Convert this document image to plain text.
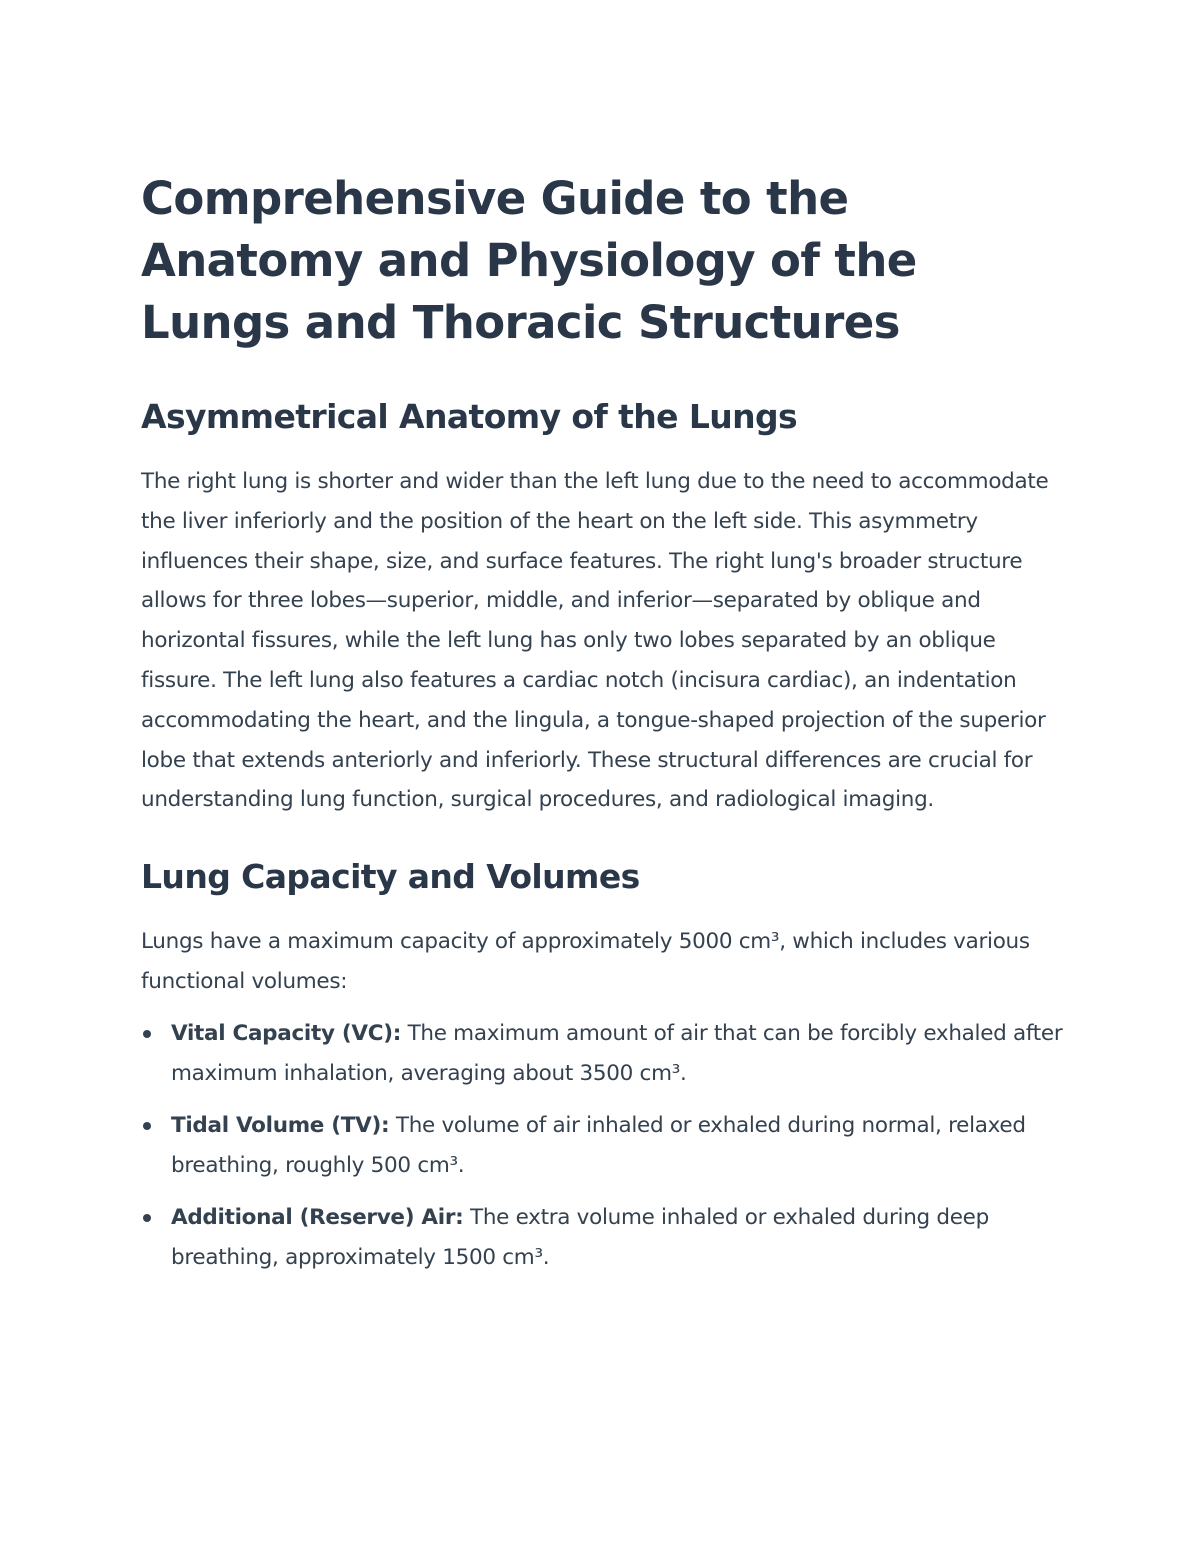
Comprehensive Guide to the Anatomy and Physiology of the Lungs and Thoracic Structures
Asymmetrical Anatomy of the Lungs

The right lung is shorter and wider than the left lung due to the need to accommodate the liver inferiorly and the position of the heart on the left side. This asymmetry influences their shape, size, and surface features. The right lung's broader structure allows for three lobes—superior, middle, and inferior—separated by oblique and horizontal fissures, while the left lung has only two lobes separated by an oblique fissure. The left lung also features a cardiac notch (incisura cardiac), an indentation accommodating the heart, and the lingula, a tongue-shaped projection of the superior lobe that extends anteriorly and inferiorly. These structural differences are crucial for understanding lung function, surgical procedures, and radiological imaging.

Lung Capacity and Volumes

Lungs have a maximum capacity of approximately 5000 cm³, which includes various functional volumes:

Vital Capacity (VC): The maximum amount of air that can be forcibly exhaled after maximum inhalation, averaging about 3500 cm³.
Tidal Volume (TV): The volume of air inhaled or exhaled during normal, relaxed breathing, roughly 500 cm³.
Additional (Reserve) Air: The extra volume inhaled or exhaled during deep breathing, approximately 1500 cm³.
